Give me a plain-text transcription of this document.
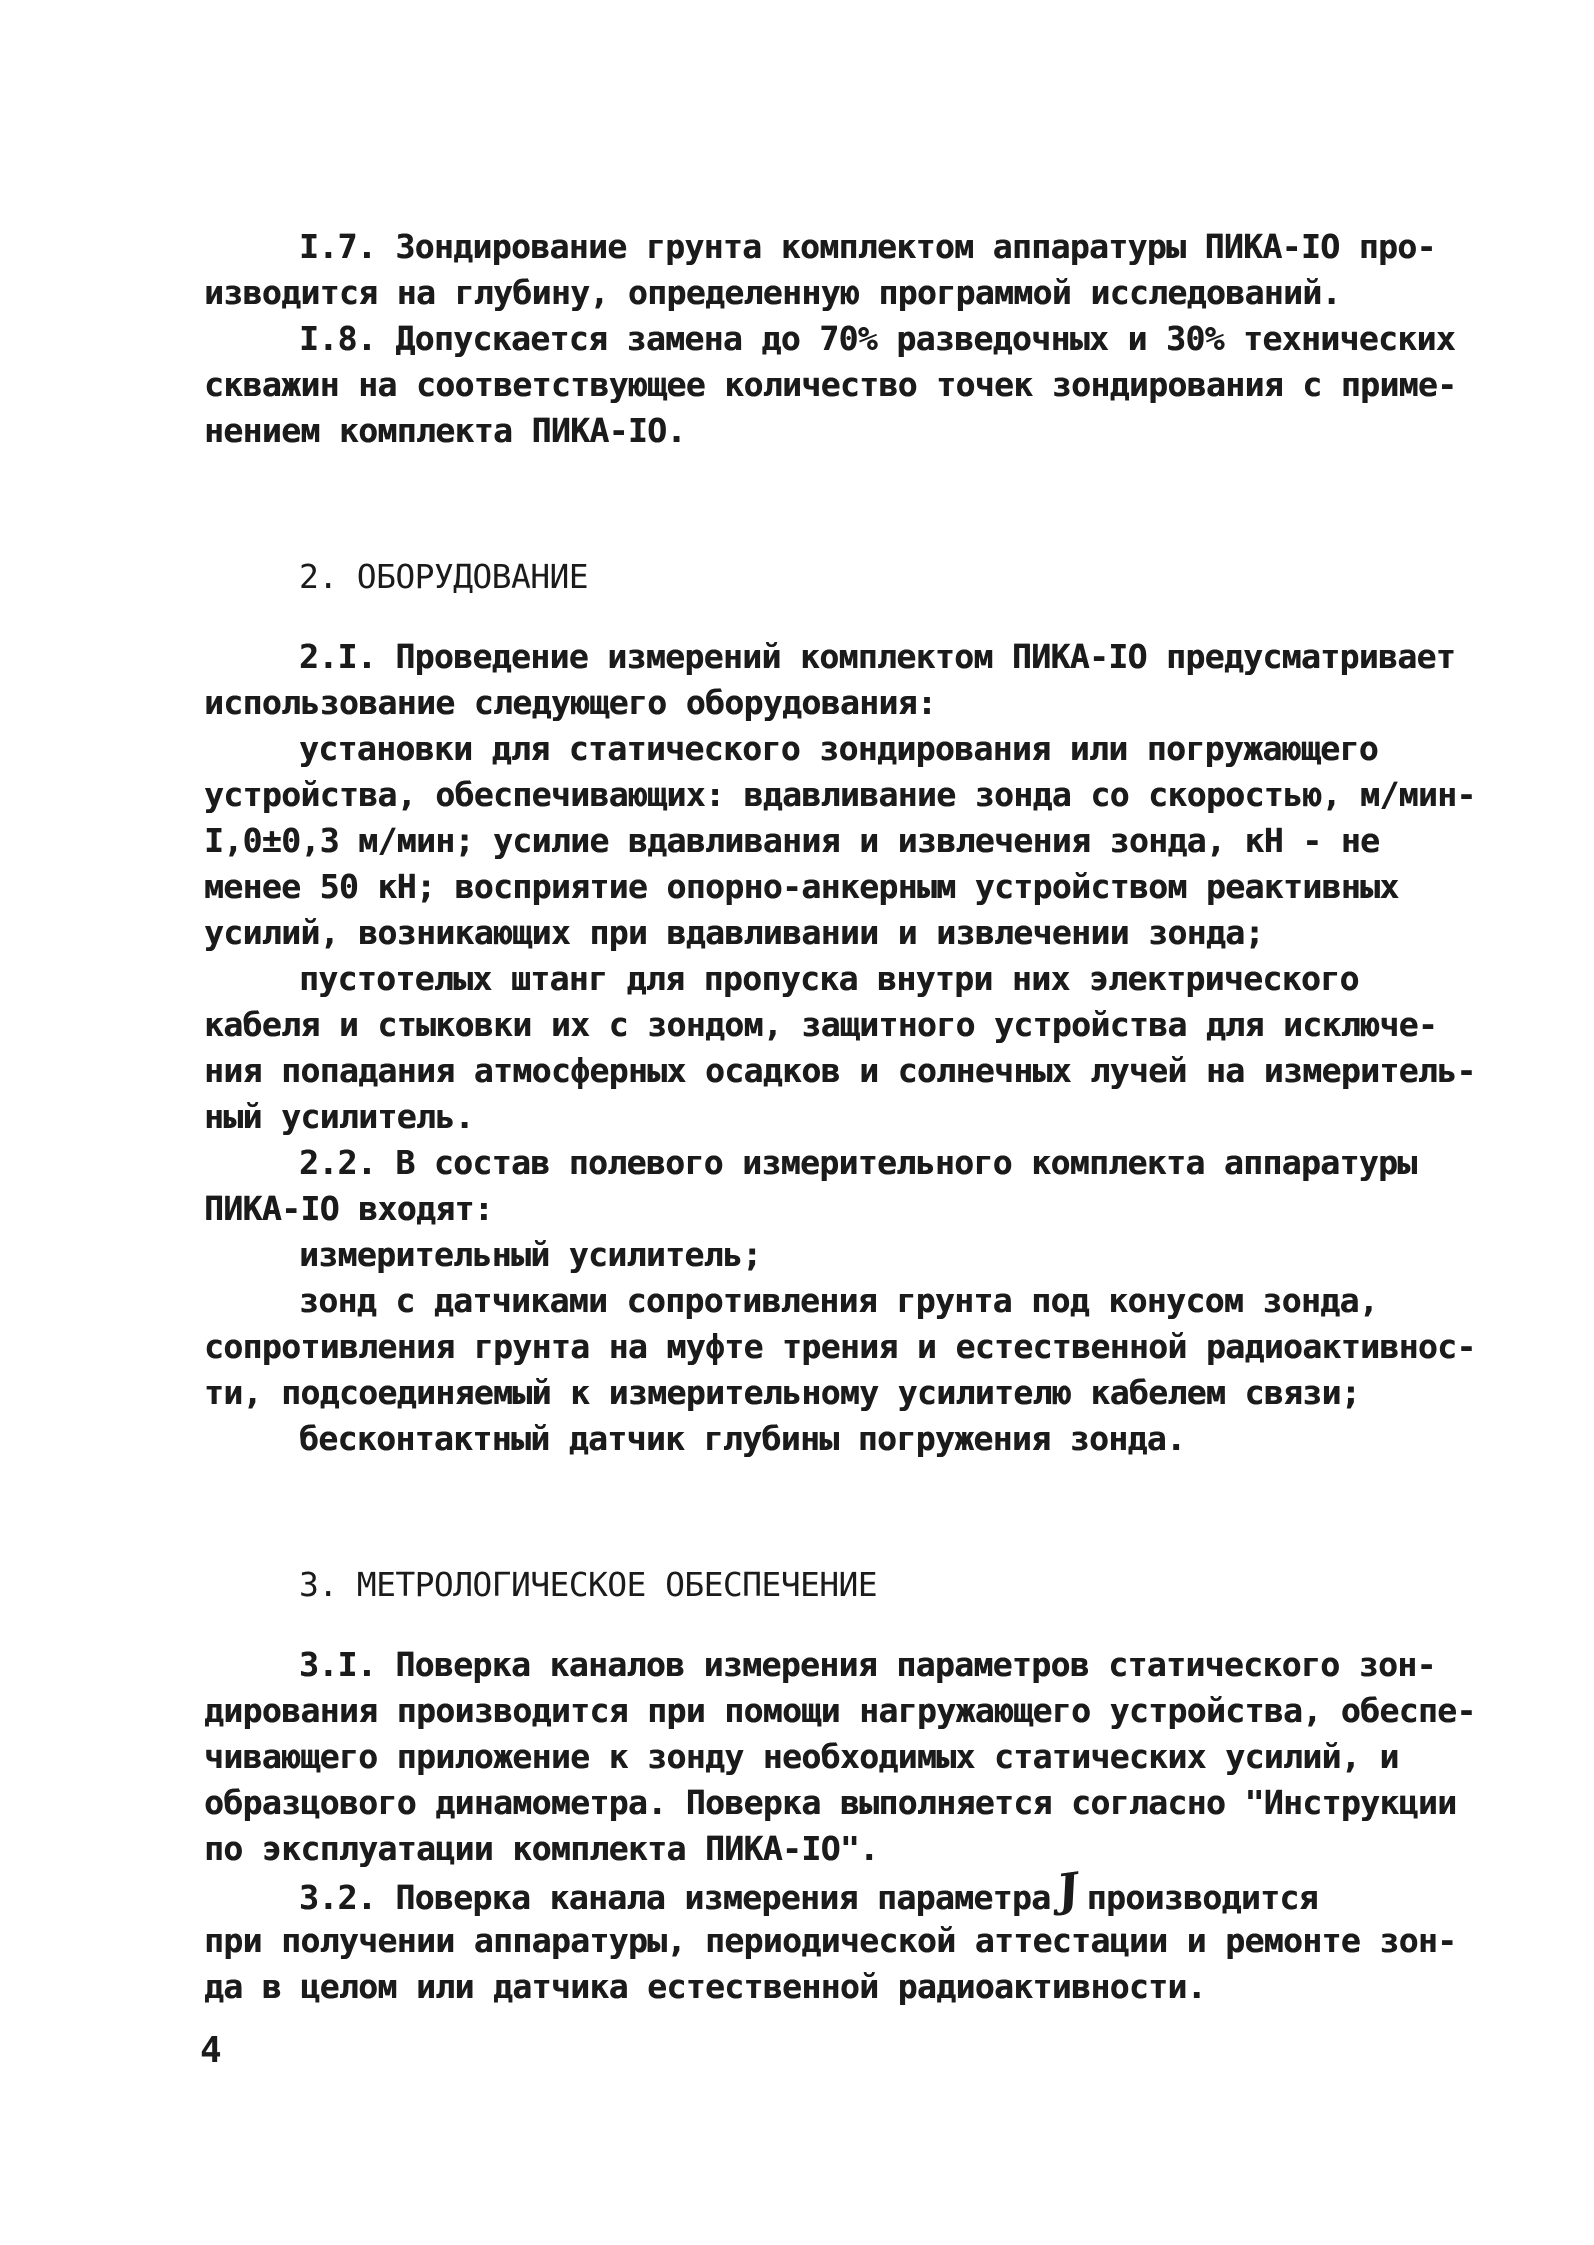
I.7. Зондирование грунта комплектом аппаратуры ПИКА-IO про-
изводится на глубину, определенную программой исследований.
I.8. Допускается замена до 70% разведочных и 30% технических
скважин на соответствующее количество точек зондирования с приме-
нением комплекта ПИКА-IO.
2. ОБОРУДОВАНИЕ
2.I. Проведение измерений комплектом ПИКА-IO предусматривает
использование следующего оборудования:
установки для статического зондирования или погружающего
устройства, обеспечивающих: вдавливание зонда со скоростью, м/мин-
I,0±0,3 м/мин; усилие вдавливания и извлечения зонда, кН - не
менее 50 кН; восприятие опорно-анкерным устройством реактивных
усилий, возникающих при вдавливании и извлечении зонда;
пустотелых штанг для пропуска внутри них электрического
кабеля и стыковки их с зондом, защитного устройства для исключе-
ния попадания атмосферных осадков и солнечных лучей на измеритель-
ный усилитель.
2.2. В состав полевого измерительного комплекта аппаратуры
ПИКА-IO входят:
измерительный усилитель;
зонд с датчиками сопротивления грунта под конусом зонда,
сопротивления грунта на муфте трения и естественной радиоактивнос-
ти, подсоединяемый к измерительному усилителю кабелем связи;
бесконтактный датчик глубины погружения зонда.
3. МЕТРОЛОГИЧЕСКОЕ ОБЕСПЕЧЕНИЕ
3.I. Поверка каналов измерения параметров статического зон-
дирования производится при помощи нагружающего устройства, обеспе-
чивающего приложение к зонду необходимых статических усилий, и
образцового динамометра. Поверка выполняется согласно "Инструкции
по эксплуатации комплекта ПИКА-IO".
3.2. Поверка канала измерения параметраJ производится
при получении аппаратуры, периодической аттестации и ремонте зон-
да в целом или датчика естественной радиоактивности.
4
